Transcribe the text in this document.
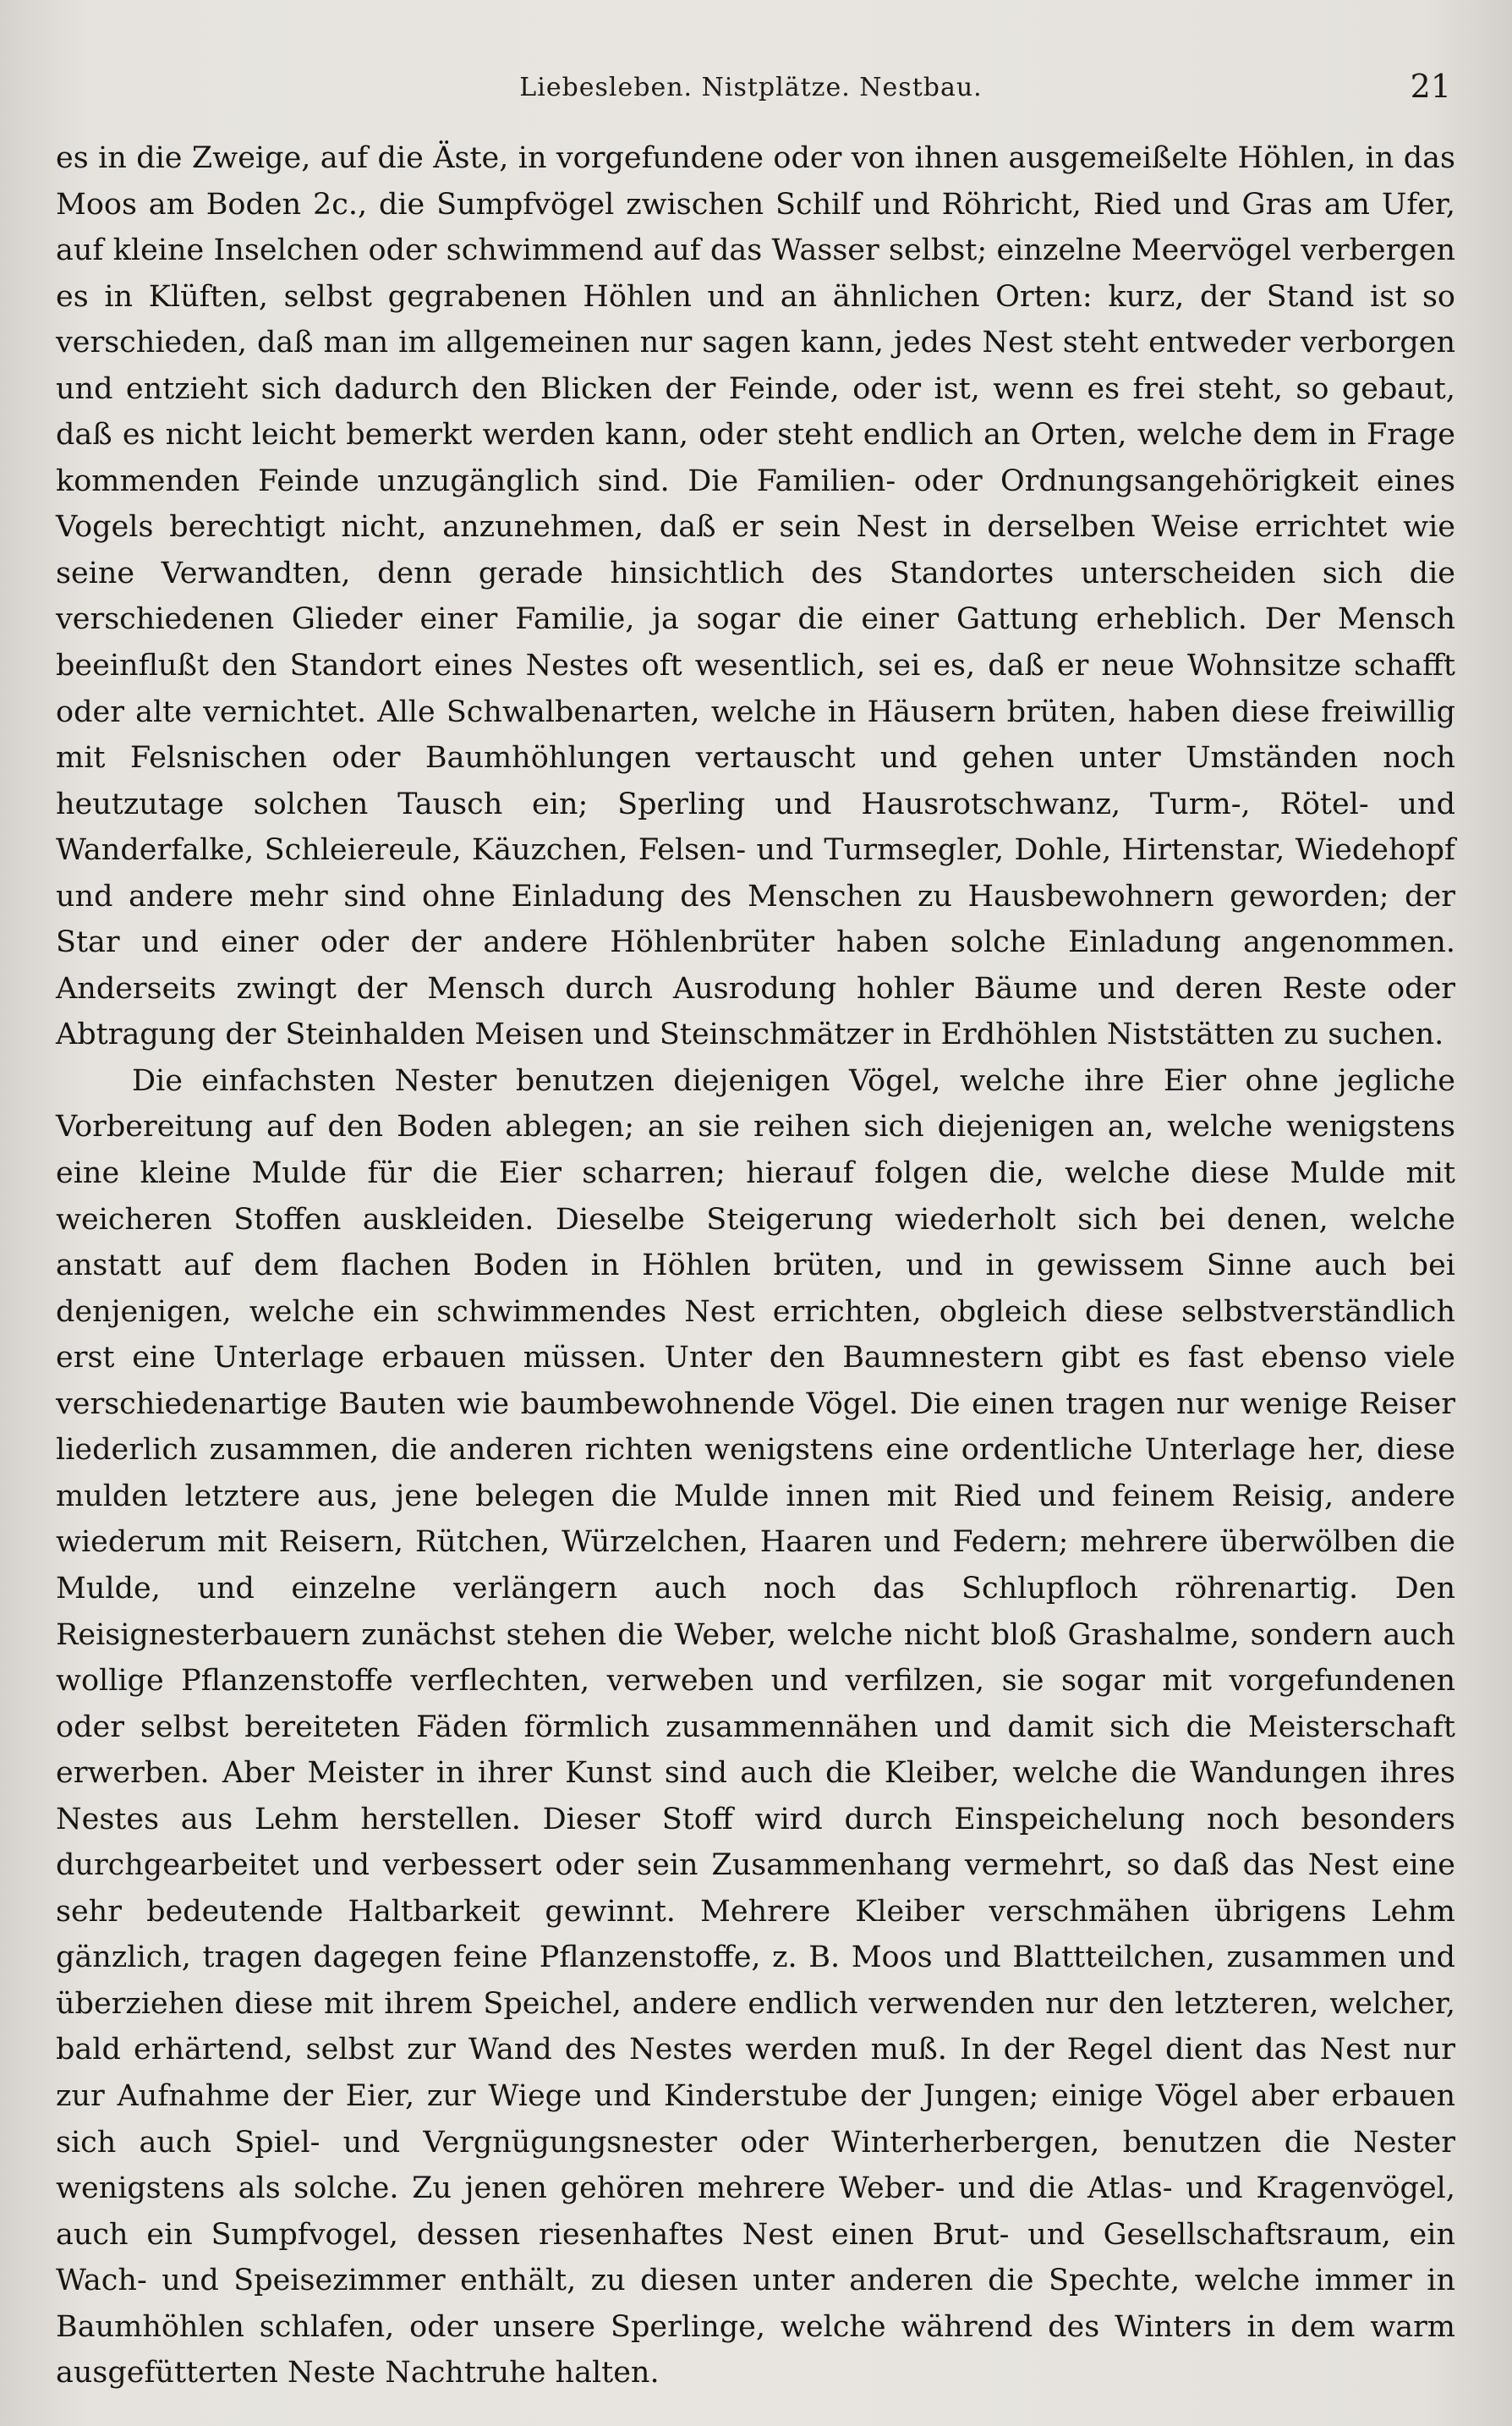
Liebesleben. Nistplätze. Nestbau.	21

es in die Zweige, auf die Äste, in vorgefundene oder von ihnen ausgemeißelte Höhlen, in das Moos am Boden 2c., die Sumpfvögel zwischen Schilf und Röhricht, Ried und Gras am Ufer, auf kleine Inselchen oder schwimmend auf das Wasser selbst; einzelne Meervögel verbergen es in Klüften, selbst gegrabenen Höhlen und an ähnlichen Orten: kurz, der Stand ist so verschieden, daß man im allgemeinen nur sagen kann, jedes Nest steht entweder verborgen und entzieht sich dadurch den Blicken der Feinde, oder ist, wenn es frei steht, so gebaut, daß es nicht leicht bemerkt werden kann, oder steht endlich an Orten, welche dem in Frage kommenden Feinde unzugänglich sind. Die Familien- oder Ordnungsangehörigkeit eines Vogels berechtigt nicht, anzunehmen, daß er sein Nest in derselben Weise errichtet wie seine Verwandten, denn gerade hinsichtlich des Standortes unterscheiden sich die verschiedenen Glieder einer Familie, ja sogar die einer Gattung erheblich. Der Mensch beeinflußt den Standort eines Nestes oft wesentlich, sei es, daß er neue Wohnsitze schafft oder alte vernichtet. Alle Schwalbenarten, welche in Häusern brüten, haben diese freiwillig mit Felsnischen oder Baumhöhlungen vertauscht und gehen unter Umständen noch heutzutage solchen Tausch ein; Sperling und Hausrotschwanz, Turm-, Rötel- und Wanderfalke, Schleiereule, Käuzchen, Felsen- und Turmsegler, Dohle, Hirtenstar, Wiedehopf und andere mehr sind ohne Einladung des Menschen zu Hausbewohnern geworden; der Star und einer oder der andere Höhlenbrüter haben solche Einladung angenommen. Anderseits zwingt der Mensch durch Ausrodung hohler Bäume und deren Reste oder Abtragung der Steinhalden Meisen und Steinschmätzer in Erdhöhlen Niststätten zu suchen.

Die einfachsten Nester benutzen diejenigen Vögel, welche ihre Eier ohne jegliche Vorbereitung auf den Boden ablegen; an sie reihen sich diejenigen an, welche wenigstens eine kleine Mulde für die Eier scharren; hierauf folgen die, welche diese Mulde mit weicheren Stoffen auskleiden. Dieselbe Steigerung wiederholt sich bei denen, welche anstatt auf dem flachen Boden in Höhlen brüten, und in gewissem Sinne auch bei denjenigen, welche ein schwimmendes Nest errichten, obgleich diese selbstverständlich erst eine Unterlage erbauen müssen. Unter den Baumnestern gibt es fast ebenso viele verschiedenartige Bauten wie baumbewohnende Vögel. Die einen tragen nur wenige Reiser liederlich zusammen, die anderen richten wenigstens eine ordentliche Unterlage her, diese mulden letztere aus, jene belegen die Mulde innen mit Ried und feinem Reisig, andere wiederum mit Reisern, Rütchen, Würzelchen, Haaren und Federn; mehrere überwölben die Mulde, und einzelne verlängern auch noch das Schlupfloch röhrenartig. Den Reisignesterbauern zunächst stehen die Weber, welche nicht bloß Grashalme, sondern auch wollige Pflanzenstoffe verflechten, verweben und verfilzen, sie sogar mit vorgefundenen oder selbst bereiteten Fäden förmlich zusammennähen und damit sich die Meisterschaft erwerben. Aber Meister in ihrer Kunst sind auch die Kleiber, welche die Wandungen ihres Nestes aus Lehm herstellen. Dieser Stoff wird durch Einspeichelung noch besonders durchgearbeitet und verbessert oder sein Zusammenhang vermehrt, so daß das Nest eine sehr bedeutende Haltbarkeit gewinnt. Mehrere Kleiber verschmähen übrigens Lehm gänzlich, tragen dagegen feine Pflanzenstoffe, z. B. Moos und Blattteilchen, zusammen und überziehen diese mit ihrem Speichel, andere endlich verwenden nur den letzteren, welcher, bald erhärtend, selbst zur Wand des Nestes werden muß. In der Regel dient das Nest nur zur Aufnahme der Eier, zur Wiege und Kinderstube der Jungen; einige Vögel aber erbauen sich auch Spiel- und Vergnügungsnester oder Winterherbergen, benutzen die Nester wenigstens als solche. Zu jenen gehören mehrere Weber- und die Atlas- und Kragenvögel, auch ein Sumpfvogel, dessen riesenhaftes Nest einen Brut- und Gesellschaftsraum, ein Wach- und Speisezimmer enthält, zu diesen unter anderen die Spechte, welche immer in Baumhöhlen schlafen, oder unsere Sperlinge, welche während des Winters in dem warm ausgefütterten Neste Nachtruhe halten.
